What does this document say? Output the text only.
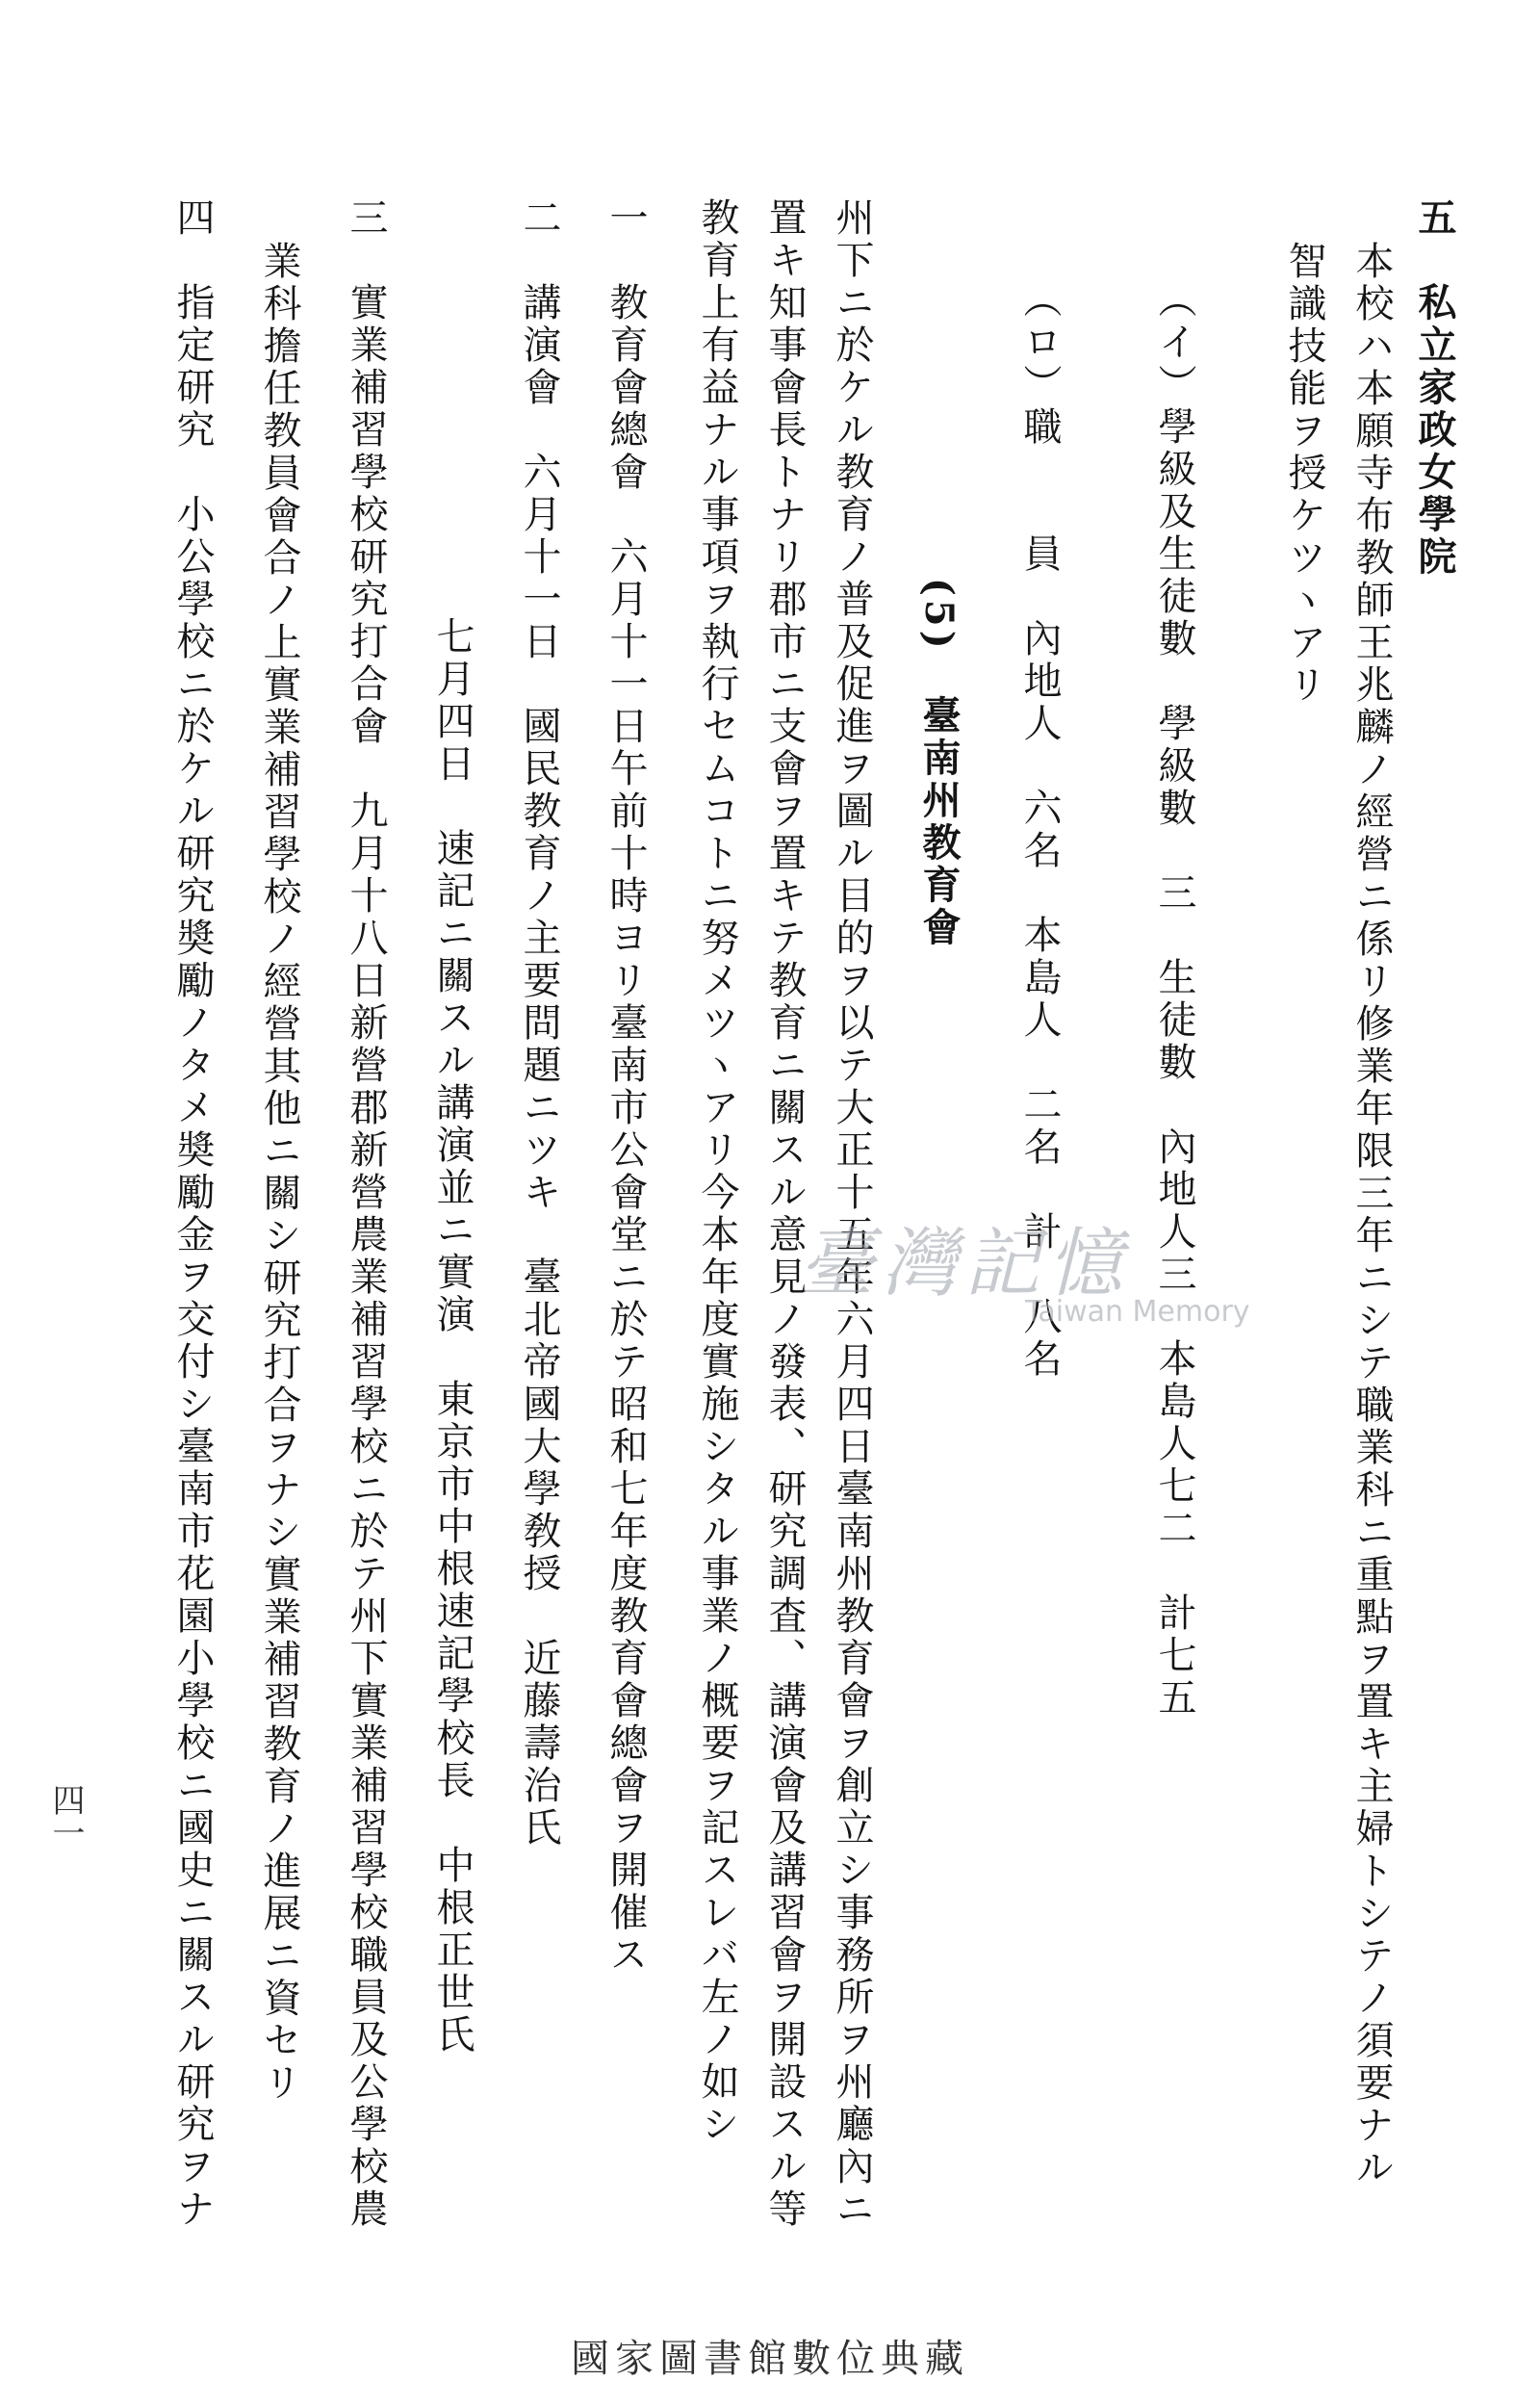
五　私立家政女學院
本校ハ本願寺布教師王兆麟ノ經營ニ係リ修業年限三年ニシテ職業科ニ重點ヲ置キ主婦トシテノ須要ナル
智識技能ヲ授ケツヽアリ
（イ）學級及生徒數　學級數　三　生徒數　內地人三　本島人七二　計七五
（ロ）職　　員　內地人　六名　本島人　二名　計　八名
(5)　臺南州教育會
州下ニ於ケル教育ノ普及促進ヲ圖ル目的ヲ以テ大正十五年六月四日臺南州教育會ヲ創立シ事務所ヲ州廳內ニ
置キ知事會長トナリ郡市ニ支會ヲ置キテ教育ニ關スル意見ノ發表、研究調査、講演會及講習會ヲ開設スル等
教育上有益ナル事項ヲ執行セムコトニ努メツヽアリ今本年度實施シタル事業ノ概要ヲ記スレバ左ノ如シ
一　教育會總會　六月十一日午前十時ヨリ臺南市公會堂ニ於テ昭和七年度教育會總會ヲ開催ス
二　講演會　六月十一日　國民教育ノ主要問題ニツキ　臺北帝國大學敎授　近藤壽治氏
七月四日　速記ニ關スル講演並ニ實演　東京市中根速記學校長　中根正世氏
三　實業補習學校研究打合會　九月十八日新營郡新營農業補習學校ニ於テ州下實業補習學校職員及公學校農
業科擔任教員會合ノ上實業補習學校ノ經營其他ニ關シ研究打合ヲナシ實業補習教育ノ進展ニ資セリ
四　指定研究　小公學校ニ於ケル研究奬勵ノタメ奬勵金ヲ交付シ臺南市花園小學校ニ國史ニ關スル研究ヲナ	臺灣記憶
Taiwan Memory
四一
國家圖書館數位典藏
